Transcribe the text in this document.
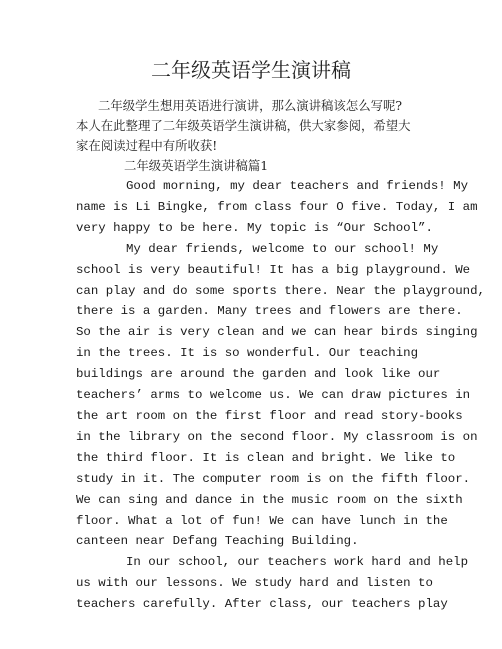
二年级英语学生演讲稿
二年级学生想用英语进行演讲，那么演讲稿该怎么写呢?
本人在此整理了二年级英语学生演讲稿，供大家参阅，希望大
家在阅读过程中有所收获!
二年级英语学生演讲稿篇1
Good morning, my dear teachers and friends! My
name is Li Bingke, from class four O five. Today, I am
very happy to be here. My topic is “Our School”.
My dear friends, welcome to our school! My
school is very beautiful! It has a big playground. We
can play and do some sports there. Near the playground,
there is a garden. Many trees and flowers are there.
So the air is very clean and we can hear birds singing
in the trees. It is so wonderful. Our teaching
buildings are around the garden and look like our
teachers’ arms to welcome us. We can draw pictures in
the art room on the first floor and read story-books
in the library on the second floor. My classroom is on
the third floor. It is clean and bright. We like to
study in it. The computer room is on the fifth floor.
We can sing and dance in the music room on the sixth
floor. What a lot of fun! We can have lunch in the
canteen near Defang Teaching Building.
In our school, our teachers work hard and help
us with our lessons. We study hard and listen to
teachers carefully. After class, our teachers play
